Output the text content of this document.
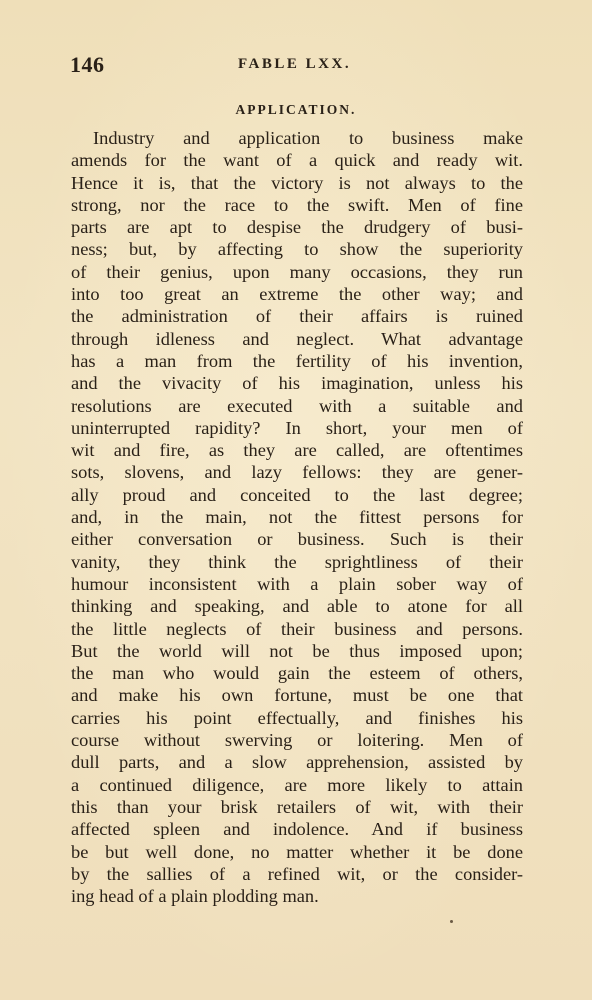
146	FABLE LXX.
APPLICATION.
Industry and application to business make
amends for the want of a quick and ready wit.
Hence it is, that the victory is not always to the
strong, nor the race to the swift. Men of fine
parts are apt to despise the drudgery of busi-
ness; but, by affecting to show the superiority
of their genius, upon many occasions, they run
into too great an extreme the other way; and
the administration of their affairs is ruined
through idleness and neglect. What advantage
has a man from the fertility of his invention,
and the vivacity of his imagination, unless his
resolutions are executed with a suitable and
uninterrupted rapidity? In short, your men of
wit and fire, as they are called, are oftentimes
sots, slovens, and lazy fellows: they are gener-
ally proud and conceited to the last degree;
and, in the main, not the fittest persons for
either conversation or business. Such is their
vanity, they think the sprightliness of their
humour inconsistent with a plain sober way of
thinking and speaking, and able to atone for all
the little neglects of their business and persons.
But the world will not be thus imposed upon;
the man who would gain the esteem of others,
and make his own fortune, must be one that
carries his point effectually, and finishes his
course without swerving or loitering. Men of
dull parts, and a slow apprehension, assisted by
a continued diligence, are more likely to attain
this than your brisk retailers of wit, with their
affected spleen and indolence. And if business
be but well done, no matter whether it be done
by the sallies of a refined wit, or the consider-
ing head of a plain plodding man.
